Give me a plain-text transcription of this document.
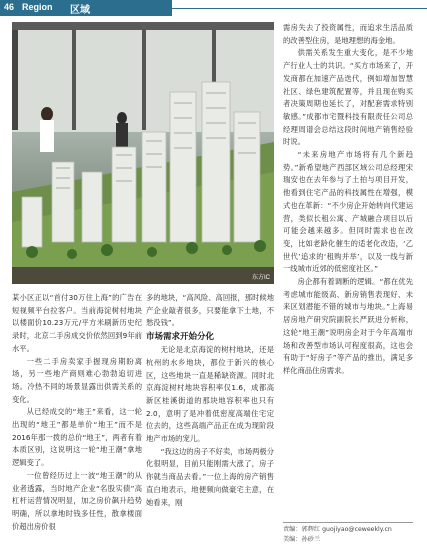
46 Region 区域
东方IC

某小区正以“首付30万住上海”的广告在短视频平台拉客户。当前海淀树村地块以楼面价10.23万元/平方米刷新历史纪录时，北京二手房成交价依然回到9年前水平。

一些二手房卖家手握现房期盼离场，另一些地产商则难心勃勃追切进场。冷热不同的场景显露出供需关系的变化。

从已经成交的“地王”来看，这一轮出现的“地王”都是单价“地王”而不是2016年那一拨的总价“地王”，两者有着本质区别，这说明这一轮“地王潮”拿地逻辑变了。

一位曾经历过上一波“地王潮”的从业者透露，当时地产企业“名股实债”高杠杆运营情况明显，加之房价飙升趋势明确，所以拿地时钱多任性，散拿楼面价超出房价很

多的地块，“高风险、高回报，那时候地产企业敲者很多，只要能拿下土地，不愁没钱”。

市场需求开始分化

无论是北京海淀的树村地块，还是杭州的水乡地块，都位于新兴的核心区，这些地块一直是稀缺资源。同时北京海淀树村地块容积率仅1.6，成都高新区桂溪街道的那块地容积率也只有2.0，意明了是冲着低密度高端住宅定位去的，这些高端产品正在成为现阶段地产市场的宠儿。

“我这边的房子不好卖，市场两极分化很明显，目前只能刚需大涨了，房子你就当商品去看。”一位上海的房产销售直白地表示，地便频向做豪宅主意，在她看来，刚

需房失去了投资属性，而追求生活品质的改善型住房，是地理想的海金地。

供需关系发生重大变化，是不少地产行业人士的共识。“买方市场来了，开发商都在加速产品迭代，例如增加智慧社区、绿色建筑配置等，并且现在购买者决策周期也延长了，对配套需求特别敏感。”成都市宅暨科技有限责任公司总经理周谱会总结这段时间地产销售经验时说。

“未来房地产市场将有几个新趋势。”新希望地产西部区域公司总经理宋瑞安也在去年参与了土拍与项目开发，他看到住宅产品的科技属性在增强，模式也在革新：“不少房企开始转向代建运营，类似长租公寓、产城融合项目以后可能会越来越多。但同时需求也在改变，比如老龄化催生的适老化改造，‘乙世代’追求的‘租购并举’，以及一线与新一线城市近郊的低密度社区。”

房企都有着调断的逻辑。“都在优先考虑城市能级高、新房销售表现好、未来区划潜能不错的城市与地块。”上海易居房地产研究院副院长严跃进分析称，这轮“地王潮”说明房企对于今年高端市场和改善型市场认可程度很高，这也会有助于“好房子”等产品的推出，满足多样化商品住房需求。

责编：郭辉红 guojiyao@ceweekly.cn
美编：孙砂兰
